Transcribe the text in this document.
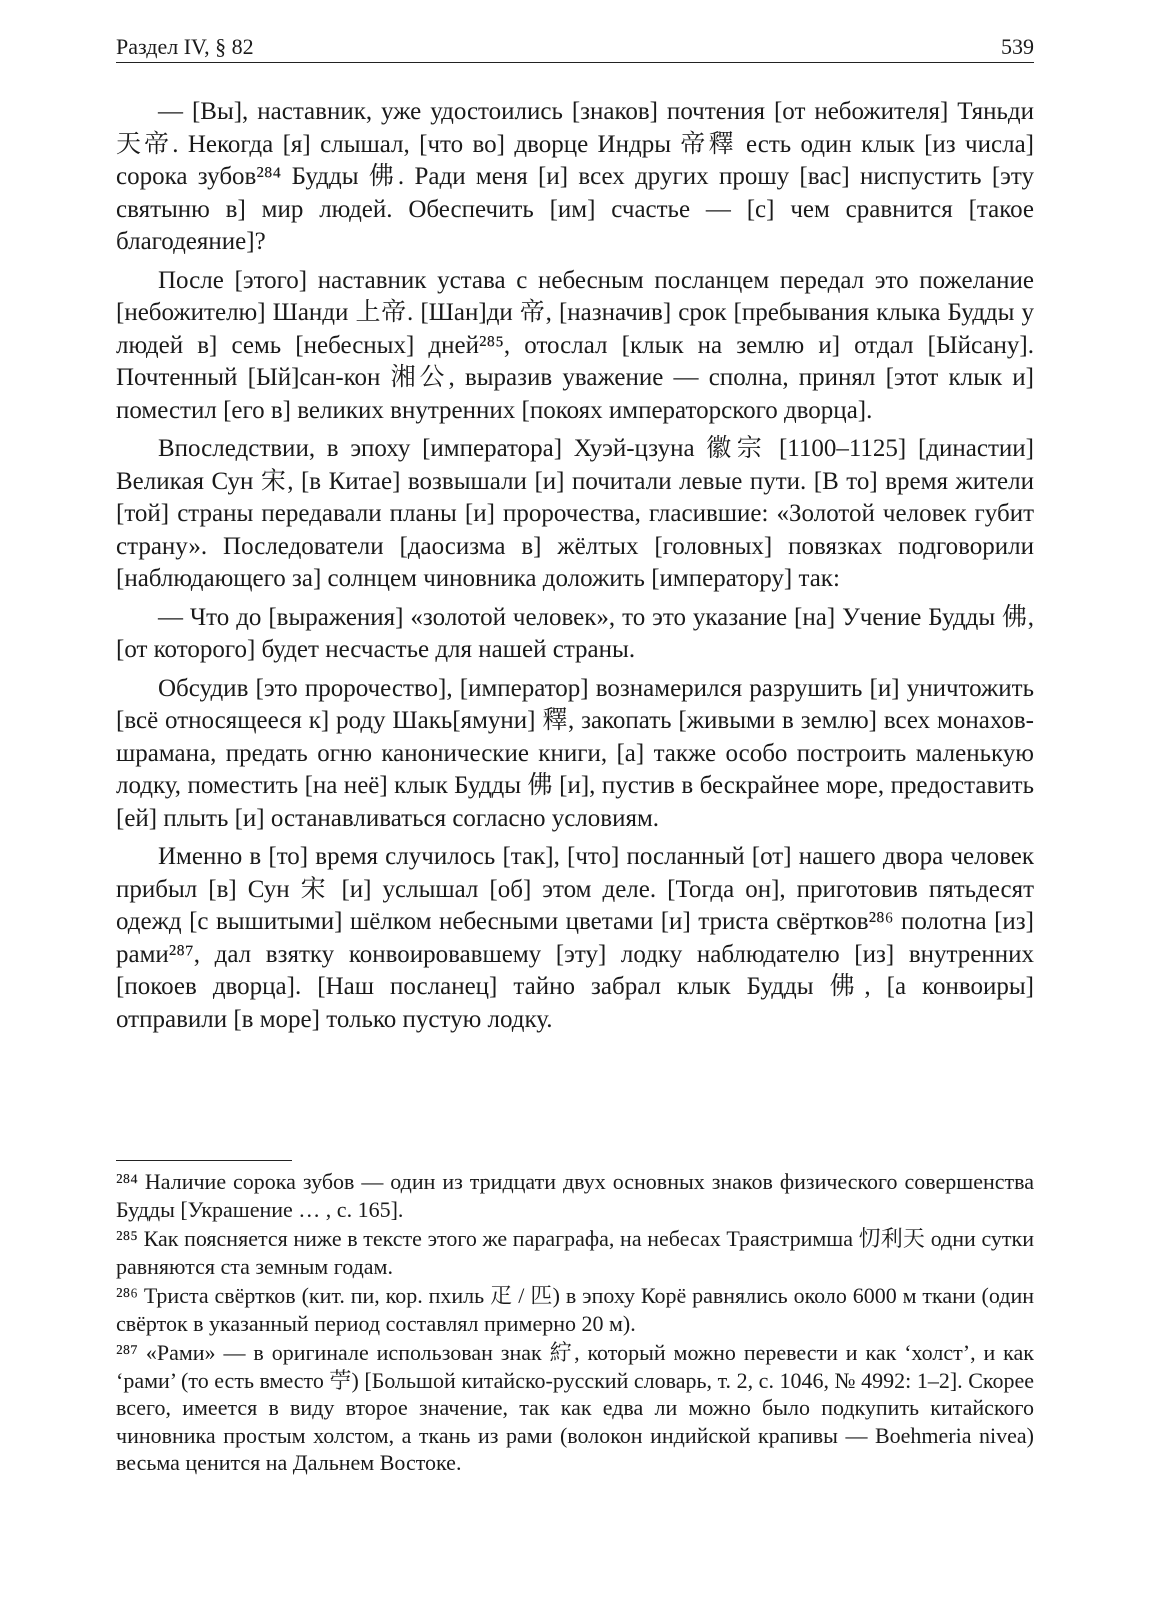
Раздел IV, § 82	539

— [Вы], наставник, уже удостоились [знаков] почтения [от небожителя] Тяньди 天帝. Некогда [я] слышал, [что во] дворце Индры 帝釋 есть один клык [из числа] сорока зубов²⁸⁴ Будды 佛. Ради меня [и] всех других прошу [вас] ниспустить [эту святыню в] мир людей. Обеспечить [им] счастье — [с] чем сравнится [такое благодеяние]?

После [этого] наставник устава с небесным посланцем передал это пожелание [небожителю] Шанди 上帝. [Шан]ди 帝, [назначив] срок [пребывания клыка Будды у людей в] семь [небесных] дней²⁸⁵, отослал [клык на землю и] отдал [Ыйсану]. Почтенный [Ый]сан-кон 湘公, выразив уважение — сполна, принял [этот клык и] поместил [его в] великих внутренних [покоях императорского дворца].

Впоследствии, в эпоху [императора] Хуэй-цзуна 徽宗 [1100–1125] [династии] Великая Сун 宋, [в Китае] возвышали [и] почитали левые пути. [В то] время жители [той] страны передавали планы [и] пророчества, гласившие: «Золотой человек губит страну». Последователи [даосизма в] жёлтых [головных] повязках подговорили [наблюдающего за] солнцем чиновника доложить [императору] так:

— Что до [выражения] «золотой человек», то это указание [на] Учение Будды 佛, [от которого] будет несчастье для нашей страны.

Обсудив [это пророчество], [император] вознамерился разрушить [и] уничтожить [всё относящееся к] роду Шакь[ямуни] 釋, закопать [живыми в землю] всех монахов-шрамана, предать огню канонические книги, [а] также особо построить маленькую лодку, поместить [на неё] клык Будды 佛 [и], пустив в бескрайнее море, предоставить [ей] плыть [и] останавливаться согласно условиям.

Именно в [то] время случилось [так], [что] посланный [от] нашего двора человек прибыл [в] Сун 宋 [и] услышал [об] этом деле. [Тогда он], приготовив пятьдесят одежд [с вышитыми] шёлком небесными цветами [и] триста свёртков²⁸⁶ полотна [из] рами²⁸⁷, дал взятку конвоировавшему [эту] лодку наблюдателю [из] внутренних [покоев дворца]. [Наш посланец] тайно забрал клык Будды 佛, [а конвоиры] отправили [в море] только пустую лодку.

²⁸⁴ Наличие сорока зубов — один из тридцати двух основных знаков физического совершенства Будды [Украшение … , с. 165].

²⁸⁵ Как поясняется ниже в тексте этого же параграфа, на небесах Траястримша 忉利天 одни сутки равняются ста земным годам.

²⁸⁶ Триста свёртков (кит. пи, кор. пхиль 疋 / 匹) в эпоху Корё равнялись около 6000 м ткани (один свёрток в указанный период составлял примерно 20 м).

²⁸⁷ «Рами» — в оригинале использован знак 紵, который можно перевести и как ‘холст’, и как ‘рами’ (то есть вместо 苧) [Большой китайско-русский словарь, т. 2, с. 1046, № 4992: 1–2]. Скорее всего, имеется в виду второе значение, так как едва ли можно было подкупить китайского чиновника простым холстом, а ткань из рами (волокон индийской крапивы — Boehmeria nivea) весьма ценится на Дальнем Востоке.
